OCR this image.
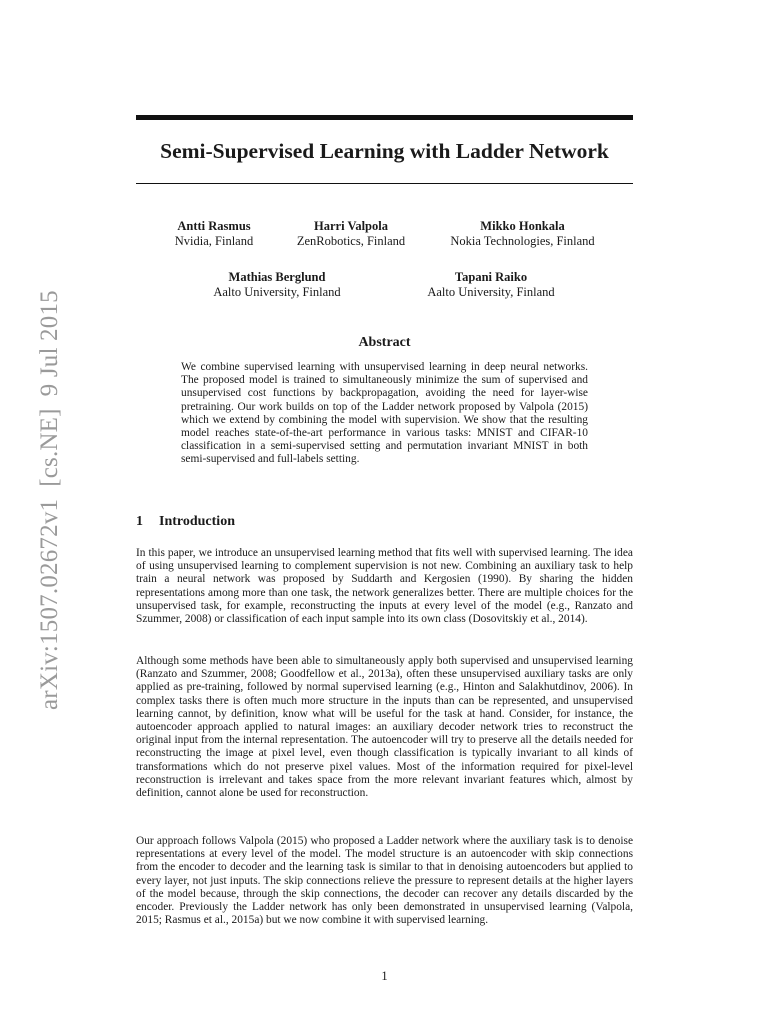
arXiv:1507.02672v1[cs.NE]9 Jul 2015
Semi-Supervised Learning with Ladder Network
Antti Rasmus
Nvidia, Finland
Harri Valpola
ZenRobotics, Finland
Mikko Honkala
Nokia Technologies, Finland
Mathias Berglund
Aalto University, Finland
Tapani Raiko
Aalto University, Finland
Abstract
We combine supervised learning with unsupervised learning in deep neural networks. The proposed model is trained to simultaneously minimize the sum of supervised and unsupervised cost functions by backpropagation, avoiding the need for layer-wise pretraining. Our work builds on top of the Ladder network proposed by Valpola (2015) which we extend by combining the model with supervision. We show that the resulting model reaches state-of-the-art performance in various tasks: MNIST and CIFAR-10 classification in a semi-supervised setting and permutation invariant MNIST in both semi-supervised and full-labels setting.
1 Introduction
In this paper, we introduce an unsupervised learning method that fits well with supervised learning. The idea of using unsupervised learning to complement supervision is not new. Combining an auxiliary task to help train a neural network was proposed by Suddarth and Kergosien (1990). By sharing the hidden representations among more than one task, the network generalizes better. There are multiple choices for the unsupervised task, for example, reconstructing the inputs at every level of the model (e.g., Ranzato and Szummer, 2008) or classification of each input sample into its own class (Dosovitskiy et al., 2014).
Although some methods have been able to simultaneously apply both supervised and unsupervised learning (Ranzato and Szummer, 2008; Goodfellow et al., 2013a), often these unsupervised auxiliary tasks are only applied as pre-training, followed by normal supervised learning (e.g., Hinton and Salakhutdinov, 2006). In complex tasks there is often much more structure in the inputs than can be represented, and unsupervised learning cannot, by definition, know what will be useful for the task at hand. Consider, for instance, the autoencoder approach applied to natural images: an auxiliary decoder network tries to reconstruct the original input from the internal representation. The autoencoder will try to preserve all the details needed for reconstructing the image at pixel level, even though classification is typically invariant to all kinds of transformations which do not preserve pixel values. Most of the information required for pixel-level reconstruction is irrelevant and takes space from the more relevant invariant features which, almost by definition, cannot alone be used for reconstruction.
Our approach follows Valpola (2015) who proposed a Ladder network where the auxiliary task is to denoise representations at every level of the model. The model structure is an autoencoder with skip connections from the encoder to decoder and the learning task is similar to that in denoising autoencoders but applied to every layer, not just inputs. The skip connections relieve the pressure to represent details at the higher layers of the model because, through the skip connections, the decoder can recover any details discarded by the encoder. Previously the Ladder network has only been demonstrated in unsupervised learning (Valpola, 2015; Rasmus et al., 2015a) but we now combine it with supervised learning.
1
